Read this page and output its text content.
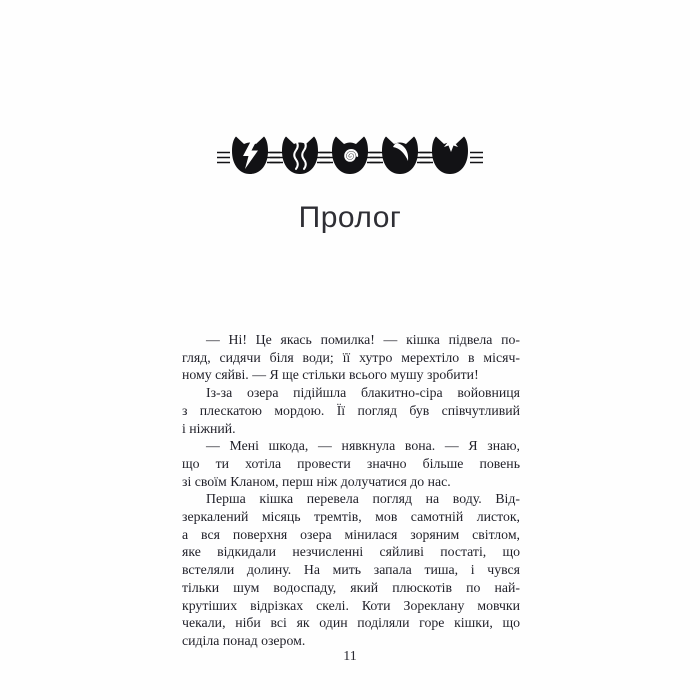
Пролог
— Ні! Це якась помилка! — кішка підвела по-
гляд, сидячи біля води; її хутро мерехтіло в місяч-
ному сяйві. — Я ще стільки всього мушу зробити!
Із-за озера підійшла блакитно-сіра войовниця
з плескатою мордою. Її погляд був співчутливий
і ніжний.
— Мені шкода, — нявкнула вона. — Я знаю,
що ти хотіла провести значно більше повень
зі своїм Кланом, перш ніж долучатися до нас.
Перша кішка перевела погляд на воду. Від-
зеркалений місяць тремтів, мов самотній листок,
а вся поверхня озера мінилася зоряним світлом,
яке відкидали незчисленні сяйливі постаті, що
встеляли долину. На мить запала тиша, і чувся
тільки шум водоспаду, який плюскотів по най-
крутіших відрізках скелі. Коти Зореклану мовчки
чекали, ніби всі як один поділяли горе кішки, що
сиділа понад озером.
11
